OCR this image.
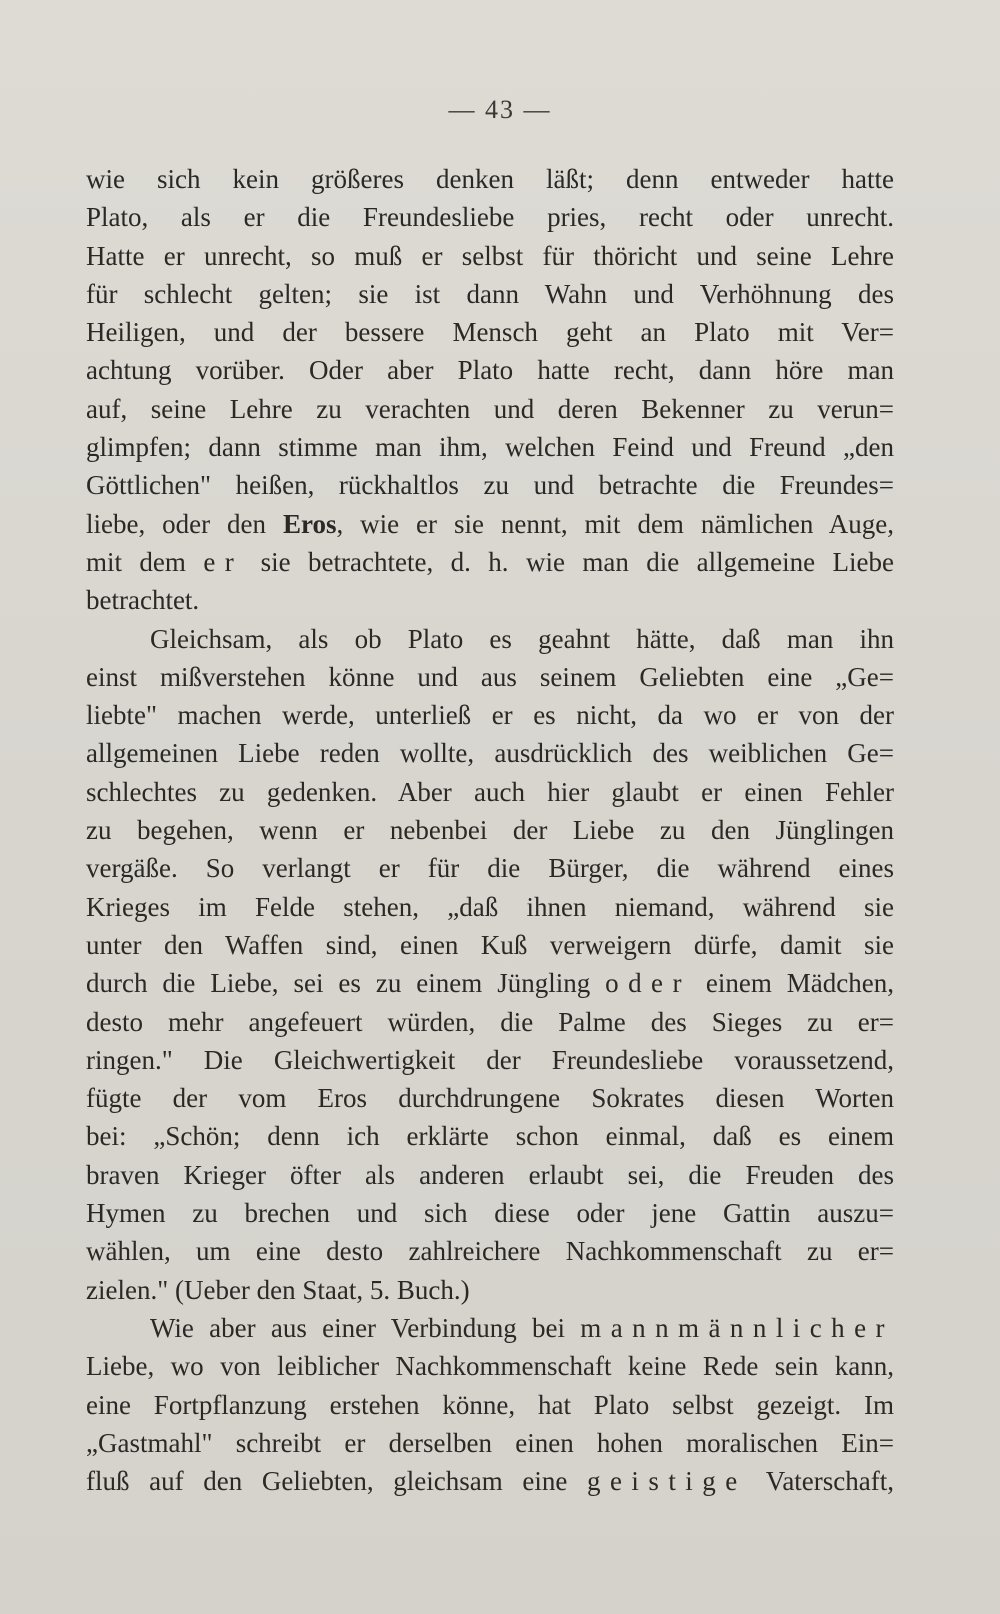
— 43 —
wie sich kein größeres denken läßt; denn entweder hatte
Plato, als er die Freundesliebe pries, recht oder unrecht.
Hatte er unrecht, so muß er selbst für thöricht und seine Lehre
für schlecht gelten; sie ist dann Wahn und Verhöhnung des
Heiligen, und der bessere Mensch geht an Plato mit Ver=
achtung vorüber. Oder aber Plato hatte recht, dann höre man
auf, seine Lehre zu verachten und deren Bekenner zu verun=
glimpfen; dann stimme man ihm, welchen Feind und Freund „den
Göttlichen" heißen, rückhaltlos zu und betrachte die Freundes=
liebe, oder den Eros, wie er sie nennt, mit dem nämlichen Auge,
mit dem er sie betrachtete, d. h. wie man die allgemeine Liebe
betrachtet.
Gleichsam, als ob Plato es geahnt hätte, daß man ihn
einst mißverstehen könne und aus seinem Geliebten eine „Ge=
liebte" machen werde, unterließ er es nicht, da wo er von der
allgemeinen Liebe reden wollte, ausdrücklich des weiblichen Ge=
schlechtes zu gedenken. Aber auch hier glaubt er einen Fehler
zu begehen, wenn er nebenbei der Liebe zu den Jünglingen
vergäße. So verlangt er für die Bürger, die während eines
Krieges im Felde stehen, „daß ihnen niemand, während sie
unter den Waffen sind, einen Kuß verweigern dürfe, damit sie
durch die Liebe, sei es zu einem Jüngling oder einem Mädchen,
desto mehr angefeuert würden, die Palme des Sieges zu er=
ringen." Die Gleichwertigkeit der Freundesliebe voraussetzend,
fügte der vom Eros durchdrungene Sokrates diesen Worten
bei: „Schön; denn ich erklärte schon einmal, daß es einem
braven Krieger öfter als anderen erlaubt sei, die Freuden des
Hymen zu brechen und sich diese oder jene Gattin auszu=
wählen, um eine desto zahlreichere Nachkommenschaft zu er=
zielen." (Ueber den Staat, 5. Buch.)
Wie aber aus einer Verbindung bei mannmännlicher
Liebe, wo von leiblicher Nachkommenschaft keine Rede sein kann,
eine Fortpflanzung erstehen könne, hat Plato selbst gezeigt. Im
„Gastmahl" schreibt er derselben einen hohen moralischen Ein=
fluß auf den Geliebten, gleichsam eine geistige Vaterschaft,
